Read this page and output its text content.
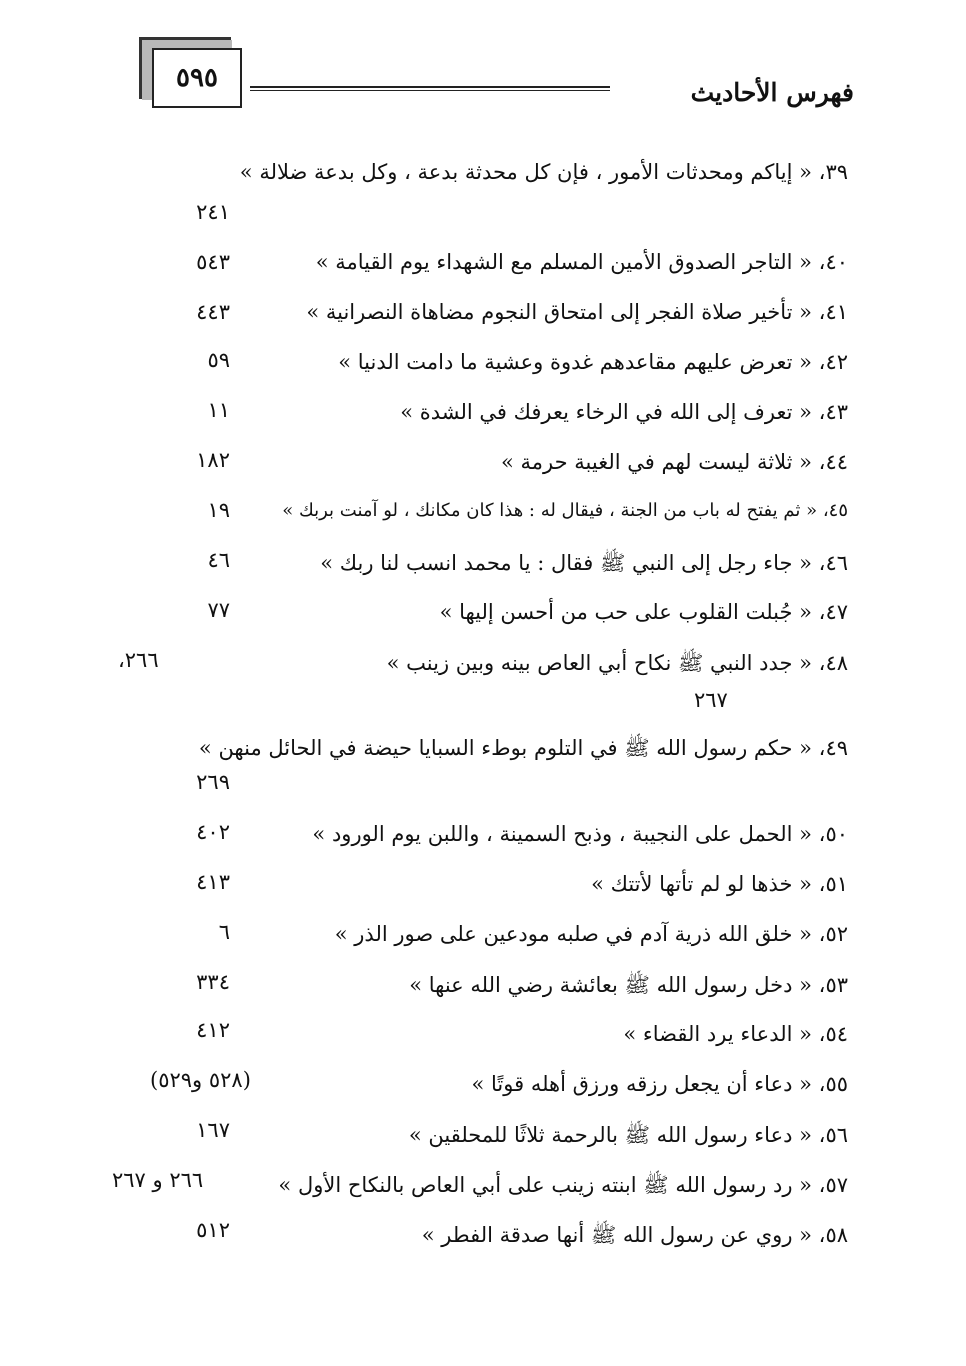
٥٩٥	فهرس الأحاديث
٣٩، « إياكم ومحدثات الأمور ، فإن كل محدثة بدعة ، وكل بدعة ضلالة »
٢٤١
٤٠، « التاجر الصدوق الأمين المسلم مع الشهداء يوم القيامة »
٥٤٣
٤١، « تأخير صلاة الفجر إلى امتحاق النجوم مضاهاة النصرانية »
٤٤٣
٤٢، « تعرض عليهم مقاعدهم غدوة وعشية ما دامت الدنيا »
٥٩
٤٣، « تعرف إلى الله في الرخاء يعرفك في الشدة »
١١
٤٤، « ثلاثة ليست لهم في الغيبة حرمة »
١٨٢
٤٥، « ثم يفتح له باب من الجنة ، فيقال له : هذا كان مكانك ، لو آمنت بربك »
١٩
٤٦، « جاء رجل إلى النبي ﷺ فقال : يا محمد انسب لنا ربك »
٤٦
٤٧، « جُبلت القلوب على حب من أحسن إليها »
٧٧
٤٨، « جدد النبي ﷺ نكاح أبي العاص بينه وبين زينب »
٢٦٦،
٢٦٧
٤٩، « حكم رسول الله ﷺ في التلوم بوطء السبايا حيضة في الحائل منهن »
٢٦٩
٥٠، « الحمل على النجيبة ، وذبح السمينة ، واللبن يوم الورود »
٤٠٢
٥١، « خذها لو لم تأتها لأتتك »
٤١٣
٥٢، « خلق الله ذرية آدم في صلبه مودعين على صور الذر »
٦
٥٣، « دخل رسول الله ﷺ بعائشة رضي الله عنها »
٣٣٤
٥٤، « الدعاء يرد القضاء »
٤١٢
٥٥، « دعاء أن يجعل رزقه ورزق أهله قوتًا »
(٥٢٨ و٥٢٩)
٥٦، « دعاء رسول الله ﷺ بالرحمة ثلاثًا للمحلقين »
١٦٧
٥٧، « رد رسول الله ﷺ ابنته زينب على أبي العاص بالنكاح الأول »
٢٦٦ و ٢٦٧
٥٨، « روي عن رسول الله ﷺ أنها صدقة الفطر »
٥١٢
